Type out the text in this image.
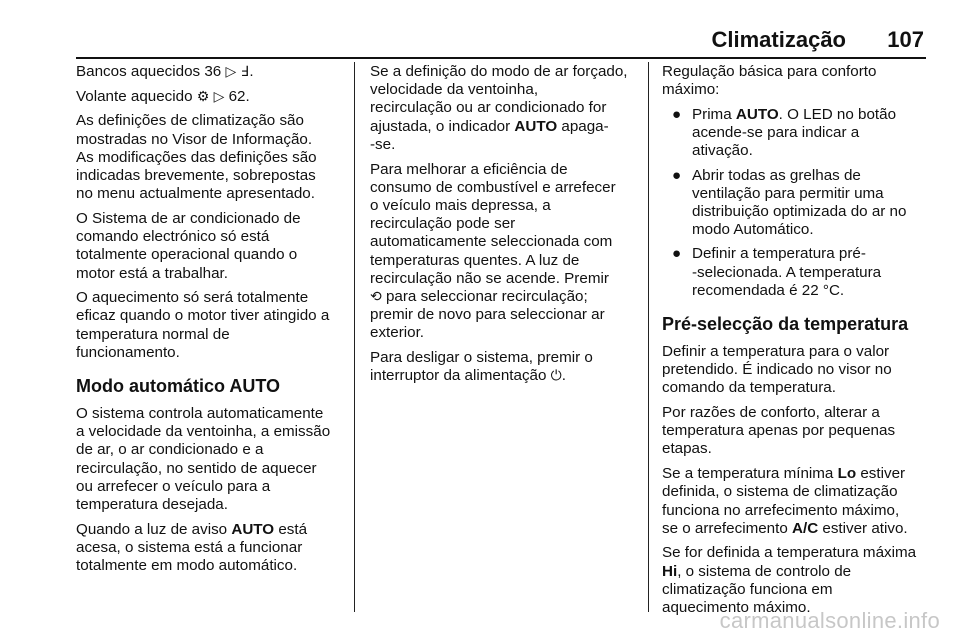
Climatização 107

Bancos aquecidos	߃ ▷ 36.

Volante aquecido ⚙ ▷ 62.

As definições de climatização são
mostradas no Visor de Informação.
As modificações das definições são
indicadas brevemente, sobrepostas
no menu actualmente apresentado.

O Sistema de ar condicionado de
comando electrónico só está
totalmente operacional quando o
motor está a trabalhar.

O aquecimento só será totalmente
eficaz quando o motor tiver atingido a
temperatura normal de
funcionamento.

Modo automático AUTO

O sistema controla automaticamente
a velocidade da ventoinha, a emissão
de ar, o ar condicionado e a
recirculação, no sentido de aquecer
ou arrefecer o veículo para a
temperatura desejada.

Quando a luz de aviso AUTO está
acesa, o sistema está a funcionar
totalmente em modo automático.

Se a definição do modo de ar forçado,
velocidade da ventoinha,
recirculação ou ar condicionado for
ajustada, o indicador AUTO apaga-
-se.

Para melhorar a eficiência de
consumo de combustível e arrefecer
o veículo mais depressa, a
recirculação pode ser
automaticamente seleccionada com
temperaturas quentes. A luz de
recirculação não se acende. Premir
⟲ para seleccionar recirculação;
premir de novo para seleccionar ar
exterior.

Para desligar o sistema, premir o
interruptor da alimentação ⏻.

Regulação básica para conforto
máximo:

● Prima AUTO. O LED no botão
acende-se para indicar a
ativação.
● Abrir todas as grelhas de
ventilação para permitir uma
distribuição optimizada do ar no
modo Automático.
● Definir a temperatura pré-
-selecionada. A temperatura
recomendada é 22 °C.
Pré-selecção da temperatura

Definir a temperatura para o valor
pretendido. É indicado no visor no
comando da temperatura.

Por razões de conforto, alterar a
temperatura apenas por pequenas
etapas.

Se a temperatura mínima Lo estiver
definida, o sistema de climatização
funciona no arrefecimento máximo,
se o arrefecimento A/C estiver ativo.

Se for definida a temperatura máxima
Hi, o sistema de controlo de
climatização funciona em
aquecimento máximo.

carmanualsonline.info
